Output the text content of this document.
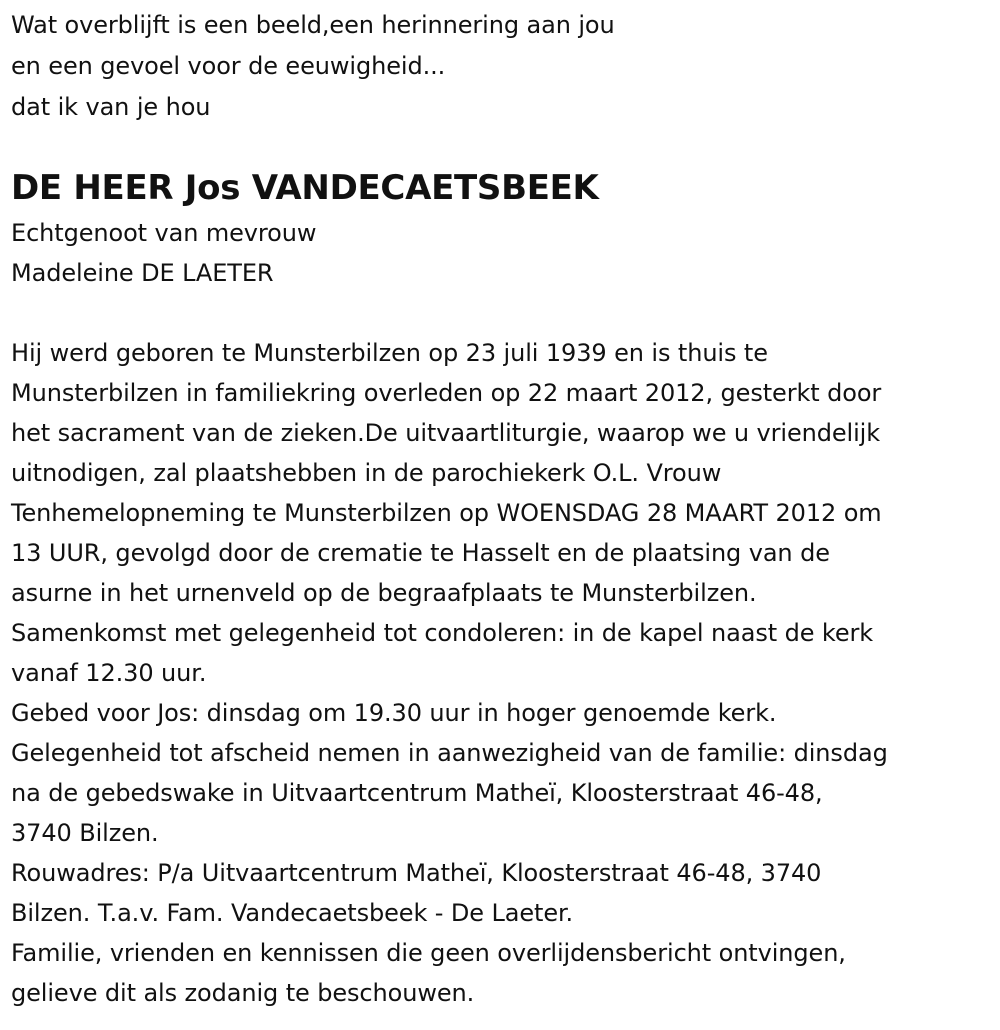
Wat overblijft is een beeld,een herinnering aan jou
en een gevoel voor de eeuwigheid...
dat ik van je hou
DE HEER Jos VANDECAETSBEEK
Echtgenoot van mevrouw
Madeleine DE LAETER
Hij werd geboren te Munsterbilzen op 23 juli 1939 en is thuis te
Munsterbilzen in familiekring overleden op 22 maart 2012, gesterkt door
het sacrament van de zieken.De uitvaartliturgie, waarop we u vriendelijk
uitnodigen, zal plaatshebben in de parochiekerk O.L. Vrouw
Tenhemelopneming te Munsterbilzen op WOENSDAG 28 MAART 2012 om
13 UUR, gevolgd door de crematie te Hasselt en de plaatsing van de
asurne in het urnenveld op de begraafplaats te Munsterbilzen.
Samenkomst met gelegenheid tot condoleren: in de kapel naast de kerk
vanaf 12.30 uur.
Gebed voor Jos: dinsdag om 19.30 uur in hoger genoemde kerk.
Gelegenheid tot afscheid nemen in aanwezigheid van de familie: dinsdag
na de gebedswake in Uitvaartcentrum Matheï, Kloosterstraat 46-48,
3740 Bilzen.
Rouwadres: P/a Uitvaartcentrum Matheï, Kloosterstraat 46-48, 3740
Bilzen. T.a.v. Fam. Vandecaetsbeek - De Laeter.
Familie, vrienden en kennissen die geen overlijdensbericht ontvingen,
gelieve dit als zodanig te beschouwen.
